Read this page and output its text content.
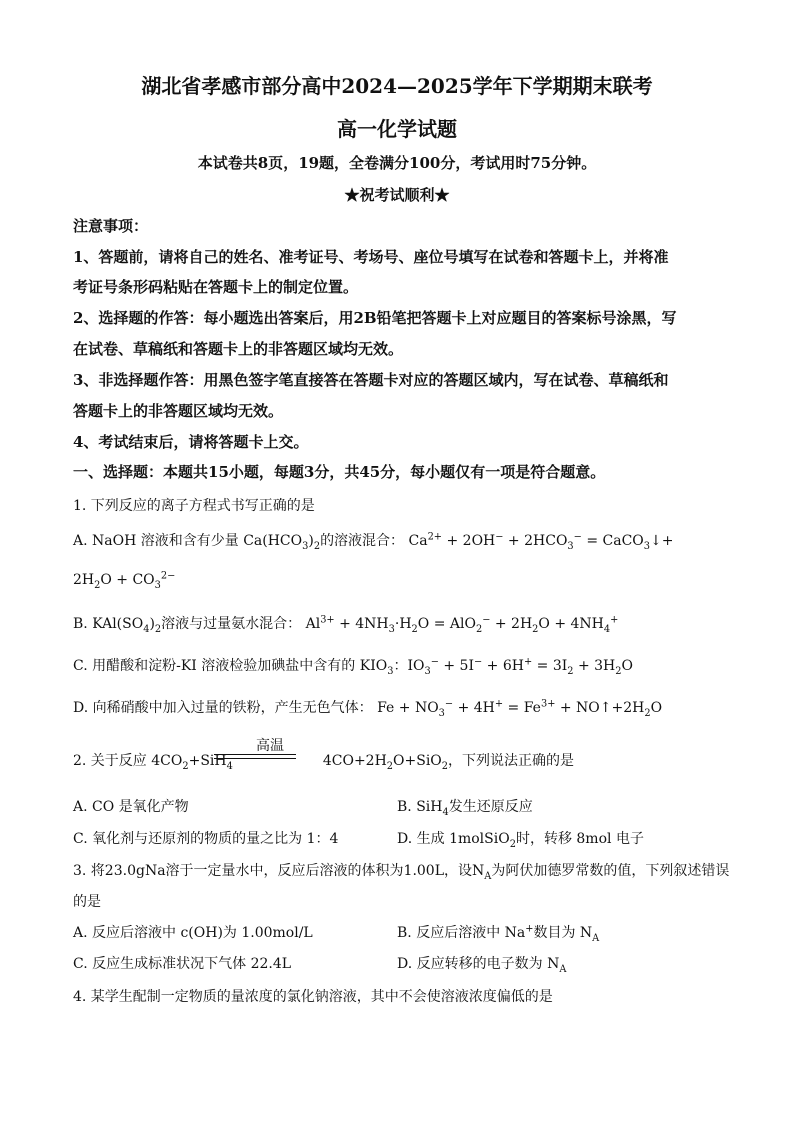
湖北省孝感市部分高中2024—2025学年下学期期末联考
高一化学试题
本试卷共8页，19题，全卷满分100分，考试用时75分钟。
★祝考试顺利★
注意事项：
1、答题前，请将自己的姓名、准考证号、考场号、座位号填写在试卷和答题卡上，并将准
考证号条形码粘贴在答题卡上的制定位置。
2、选择题的作答：每小题选出答案后，用2B铅笔把答题卡上对应题目的答案标号涂黑，写
在试卷、草稿纸和答题卡上的非答题区域均无效。
3、非选择题作答：用黑色签字笔直接答在答题卡对应的答题区域内，写在试卷、草稿纸和
答题卡上的非答题区域均无效。
4、考试结束后，请将答题卡上交。
一、选择题：本题共15小题，每题3分，共45分，每小题仅有一项是符合题意。
1. 下列反应的离子方程式书写正确的是
A. NaOH 溶液和含有少量 $Ca(HCO_3)_2$的溶液混合： $Ca^{2+} + 2OH^- + 2HCO_3^-$ = CaCO$_3$↓+
$2H_2O + CO_3^{2-}$
B. $KAl(SO_4)_2$溶液与过量氨水混合： $Al^{3+} + 4NH_3\cdot H_2O = AlO_2^- + 2H_2O + 4NH_4^+$
C. 用醋酸和淀粉-KI 溶液检验加碘盐中含有的 $KIO_3$：$IO_3^- + 5I^- + 6H^+ = 3I_2 + 3H_2O$
D. 向稀硝酸中加入过量的铁粉，产生无色气体： $Fe + NO_3^- + 4H^+ = Fe^{3+}$ + $NO↑+2H_2O$
高温
2. 关于反应 $4CO_2+SiH_4$	$4CO+2H_2O+SiO_2$，下列说法正确的是
A. CO 是氧化产物	B. SiH$_4$发生还原反应
C. 氧化剂与还原剂的物质的量之比为 1：4	D. 生成 1molSiO$_2$时，转移 8mol 电子
3. 将23.0gNa溶于一定量水中，反应后溶液的体积为1.00L，设$N_A$为阿伏加德罗常数的值，下列叙述错误
的是
A. 反应后溶液中 c(OH)为 1.00mol/L	B. 反应后溶液中 Na+数目为 $N_A$
C. 反应生成标准状况下气体 22.4L	D. 反应转移的电子数为 $N_A$
4. 某学生配制一定物质的量浓度的氯化钠溶液，其中不会使溶液浓度偏低的是
